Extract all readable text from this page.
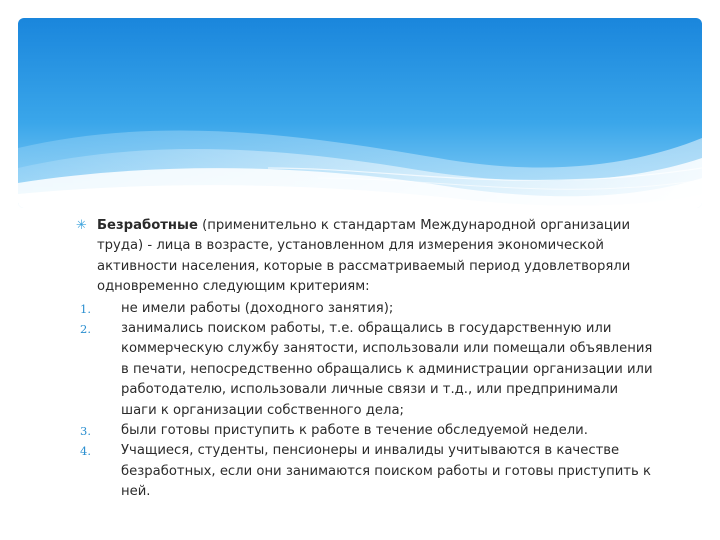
✳ Безработные (применительно к стандартам Международной организации труда) - лица в возрасте, установленном для измерения экономической активности населения, которые в рассматриваемый период удовлетворяли одновременно следующим критериям:
1. не имели работы (доходного занятия);
2. занимались поиском работы, т.е. обращались в государственную или коммерческую службу занятости, использовали или помещали объявления в печати, непосредственно обращались к администрации организации или работодателю, использовали личные связи и т.д., или предпринимали шаги к организации собственного дела;
3. были готовы приступить к работе в течение обследуемой недели.
4. Учащиеся, студенты, пенсионеры и инвалиды учитываются в качестве безработных, если они занимаются поиском работы и готовы приступить к ней.
